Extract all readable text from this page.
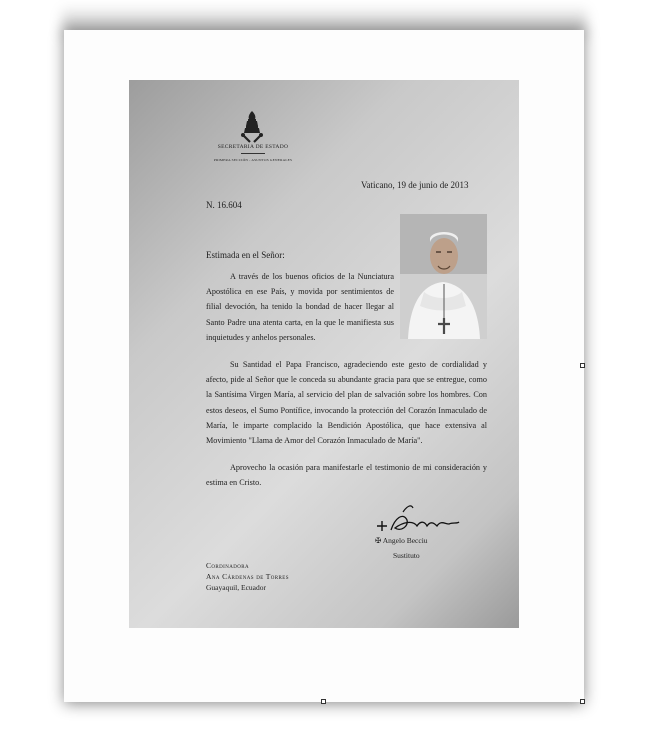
SECRETARIA DE ESTADO
PRIMERA SECCIÓN - ASUNTOS GENERALES
Vaticano, 19 de junio de 2013
N. 16.604
Estimada en el Señor:
A través de los buenos oficios de la Nunciatura Apostólica en ese País, y movida por sentimientos de filial devoción, ha tenido la bondad de hacer llegar al Santo Padre una atenta carta, en la que le manifiesta sus inquietudes y anhelos personales.
Su Santidad el Papa Francisco, agradeciendo este gesto de cordialidad y afecto, pide al Señor que le conceda su abundante gracia para que se entregue, como la Santísima Virgen María, al servicio del plan de salvación sobre los hombres. Con estos deseos, el Sumo Pontífice, invocando la protección del Corazón Inmaculado de María, le imparte complacido la Bendición Apostólica, que hace extensiva al Movimiento "Llama de Amor del Corazón Inmaculado de María".
Aprovecho la ocasión para manifestarle el testimonio de mi consideración y estima en Cristo.
✠ Angelo Becciu
Sustituto
Cordinadora
Ana Cárdenas de Torres
Guayaquil, Ecuador
